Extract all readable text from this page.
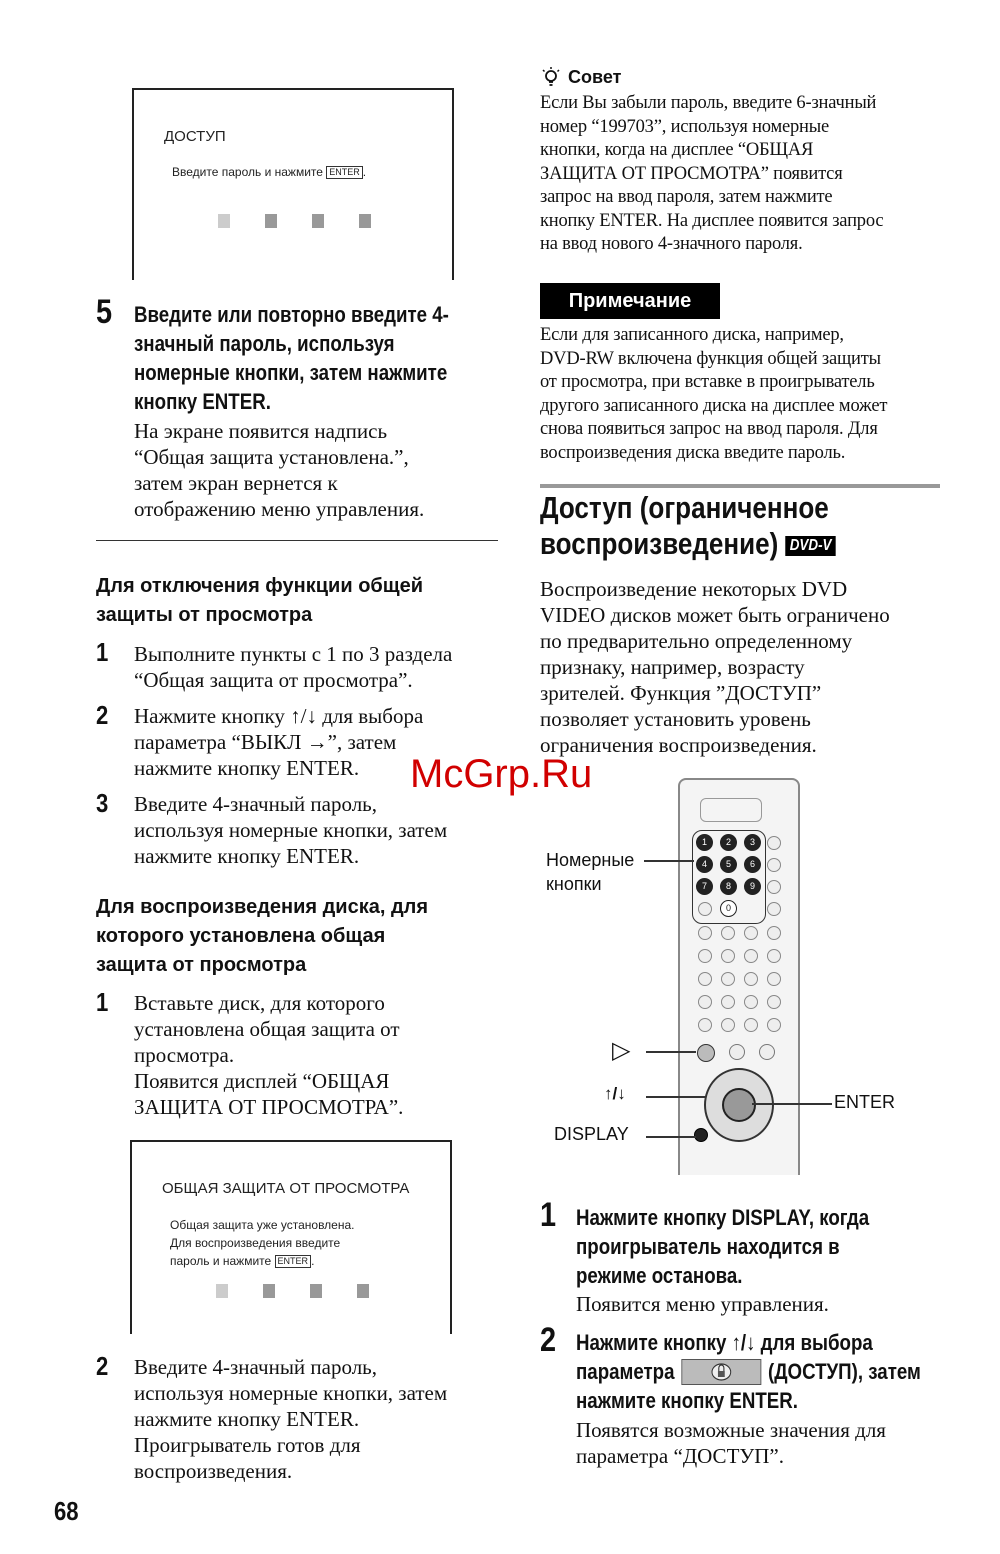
ДОСТУП
Введите пароль и нажмите ENTER .
5 Введите или повторно введите 4-
значный пароль, используя
номерные кнопки, затем нажмите
кнопку ENTER.
На экране появится надпись
“Общая защита установлена.”,
затем экран вернется к
отображению меню управления.
Для отключения функции общей
защиты от просмотра
1 Выполните пункты с 1 по 3 раздела
“Общая защита от просмотра”.
2 Нажмите кнопку ↑/↓ для выбора
параметра “ВЫКЛ →”, затем
нажмите кнопку ENTER.
3 Введите 4-значный пароль,
используя номерные кнопки, затем
нажмите кнопку ENTER.
Для воспроизведения диска, для
которого установлена общая
защита от просмотра
1 Вставьте диск, для которого
установлена общая защита от
просмотра.
Появится дисплей “ОБЩАЯ
ЗАЩИТА ОТ ПРОСМОТРА”.
ОБЩАЯ ЗАЩИТА ОТ ПРОСМОТРА
Общая защита уже установлена.
Для воспроизведения введите
пароль и нажмите ENTER .
2 Введите 4-значный пароль,
используя номерные кнопки, затем
нажмите кнопку ENTER.
Проигрыватель готов для
воспроизведения.
68
Совет
Если Вы забыли пароль, введите 6-значный
номер “199703”, используя номерные
кнопки, когда на дисплее “ОБЩАЯ
ЗАЩИТА ОТ ПРОСМОТРА” появится
запрос на ввод пароля, затем нажмите
кнопку ENTER. На дисплее появится запрос
на ввод нового 4-значного пароля.
Примечание
Если для записанного диска, например,
DVD-RW включена функция общей защиты
от просмотра, при вставке в проигрыватель
другого записанного диска на дисплее может
снова появиться запрос на ввод пароля. Для
воспроизведения диска введите пароль.
Доступ (ограниченное
воспроизведение) DVD-V
Воспроизведение некоторых DVD
VIDEO дисков может быть ограничено
по предварительно определенному
признаку, например, возрасту
зрителей. Функция ”ДОСТУП”
позволяет установить уровень
ограничения воспроизведения.
McGrp.Ru
1	2	3
4	5	6
7	8	9
0
Номерные
кнопки
▷
↑/↓
DISPLAY
ENTER
1 Нажмите кнопку DISPLAY, когда
проигрыватель находится в
режиме останова.
Появится меню управления.
2 Нажмите кнопку ↑/↓ для выбора
параметра	(ДОСТУП), затем
нажмите кнопку ENTER.
Появятся возможные значения для
параметра “ДОСТУП”.
